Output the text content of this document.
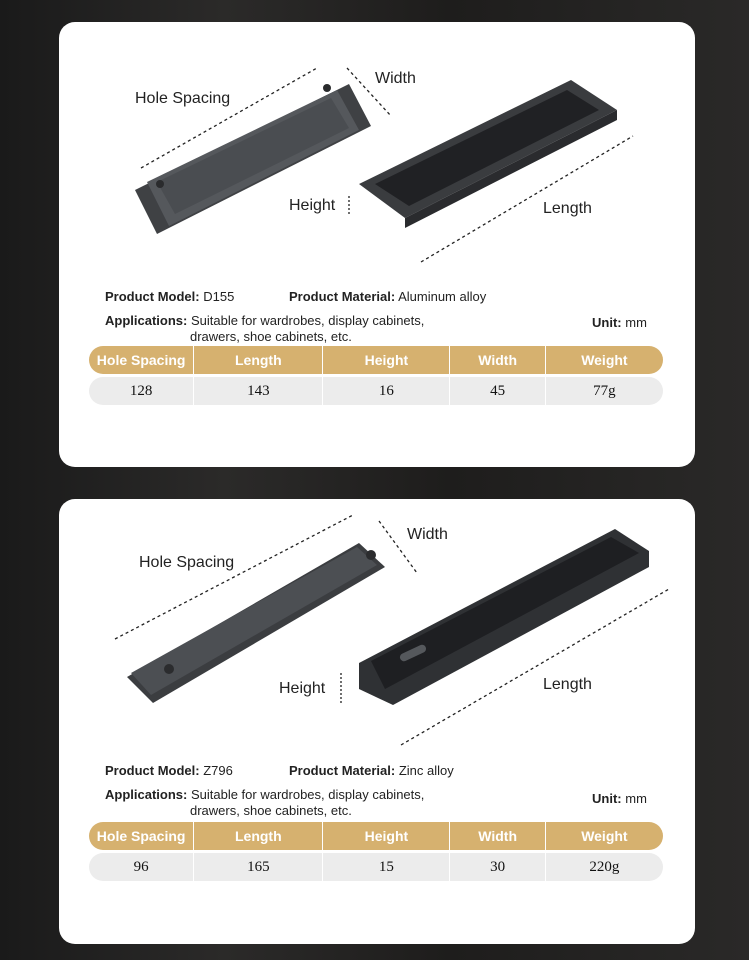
Hole Spacing
Width
Height	Length
Product Model: D155	Product Material: Aluminum alloy
Applications: Suitable for wardrobes, display cabinets,
drawers, shoe cabinets, etc.
Unit: mm
Hole Spacing	Length	Height	Width	Weight
128	143	16	45	77g
Hole Spacing
Width
Height	Length
Product Model: Z796	Product Material: Zinc alloy
Applications: Suitable for wardrobes, display cabinets,
drawers, shoe cabinets, etc.
Unit: mm
Hole Spacing	Length	Height	Width	Weight
96	165	15	30	220g
